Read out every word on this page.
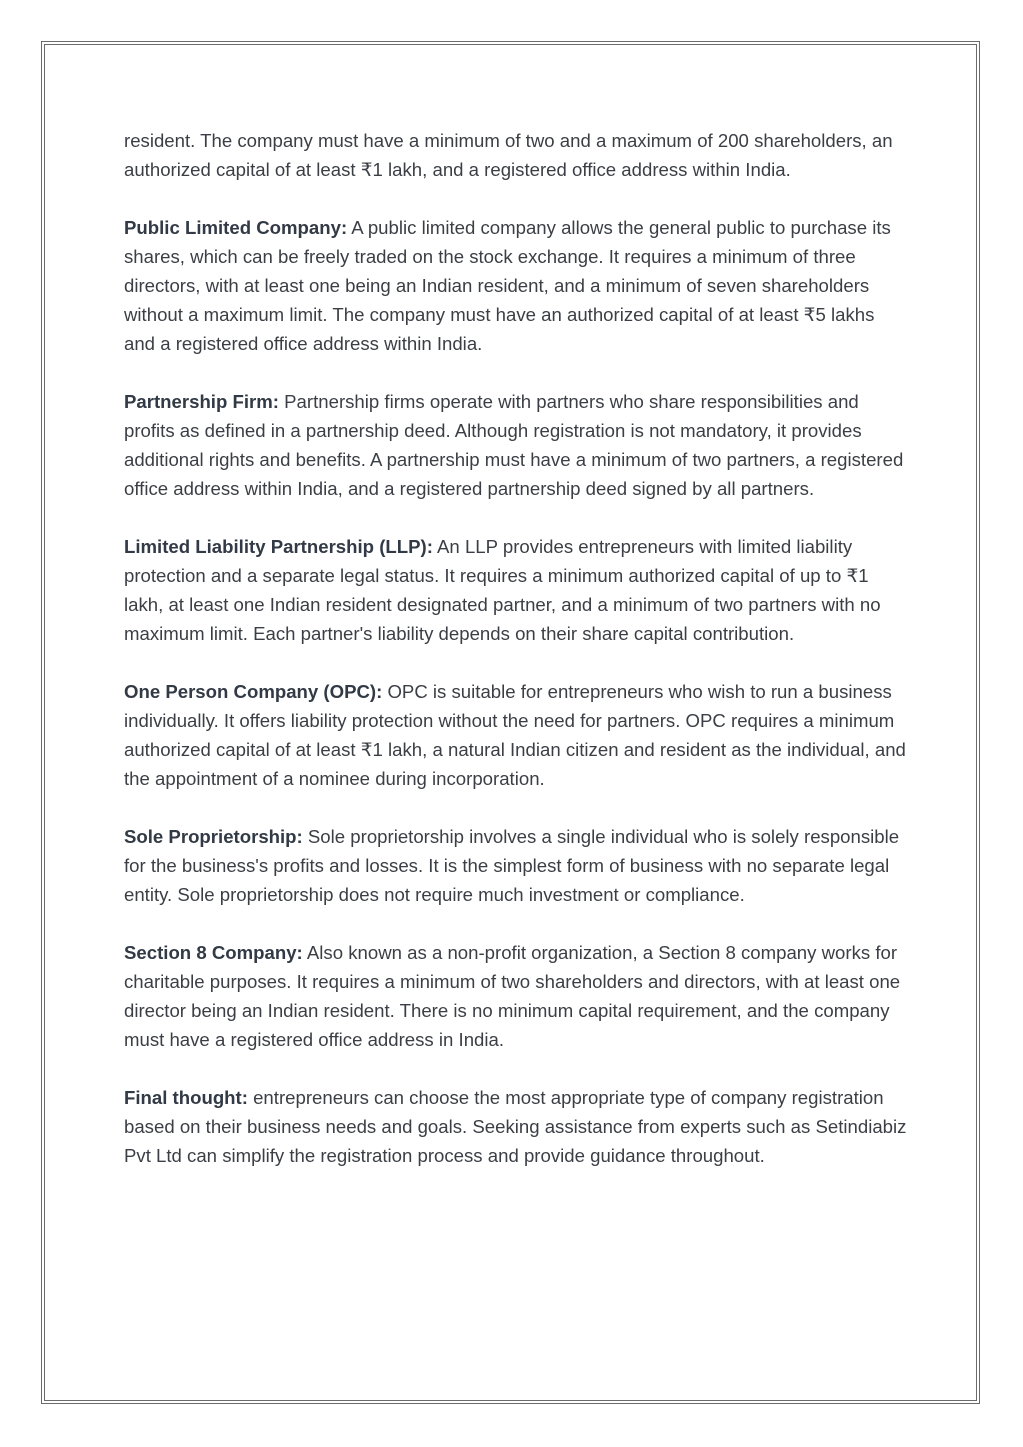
resident. The company must have a minimum of two and a maximum of 200 shareholders, an authorized capital of at least ₹1 lakh, and a registered office address within India.

Public Limited Company: A public limited company allows the general public to purchase its shares, which can be freely traded on the stock exchange. It requires a minimum of three directors, with at least one being an Indian resident, and a minimum of seven shareholders without a maximum limit. The company must have an authorized capital of at least ₹5 lakhs and a registered office address within India.

Partnership Firm: Partnership firms operate with partners who share responsibilities and profits as defined in a partnership deed. Although registration is not mandatory, it provides additional rights and benefits. A partnership must have a minimum of two partners, a registered office address within India, and a registered partnership deed signed by all partners.

Limited Liability Partnership (LLP): An LLP provides entrepreneurs with limited liability protection and a separate legal status. It requires a minimum authorized capital of up to ₹1 lakh, at least one Indian resident designated partner, and a minimum of two partners with no maximum limit. Each partner's liability depends on their share capital contribution.

One Person Company (OPC): OPC is suitable for entrepreneurs who wish to run a business individually. It offers liability protection without the need for partners. OPC requires a minimum authorized capital of at least ₹1 lakh, a natural Indian citizen and resident as the individual, and the appointment of a nominee during incorporation.

Sole Proprietorship: Sole proprietorship involves a single individual who is solely responsible for the business's profits and losses. It is the simplest form of business with no separate legal entity. Sole proprietorship does not require much investment or compliance.

Section 8 Company: Also known as a non-profit organization, a Section 8 company works for charitable purposes. It requires a minimum of two shareholders and directors, with at least one director being an Indian resident. There is no minimum capital requirement, and the company must have a registered office address in India.

Final thought: entrepreneurs can choose the most appropriate type of company registration based on their business needs and goals. Seeking assistance from experts such as Setindiabiz Pvt Ltd can simplify the registration process and provide guidance throughout.
